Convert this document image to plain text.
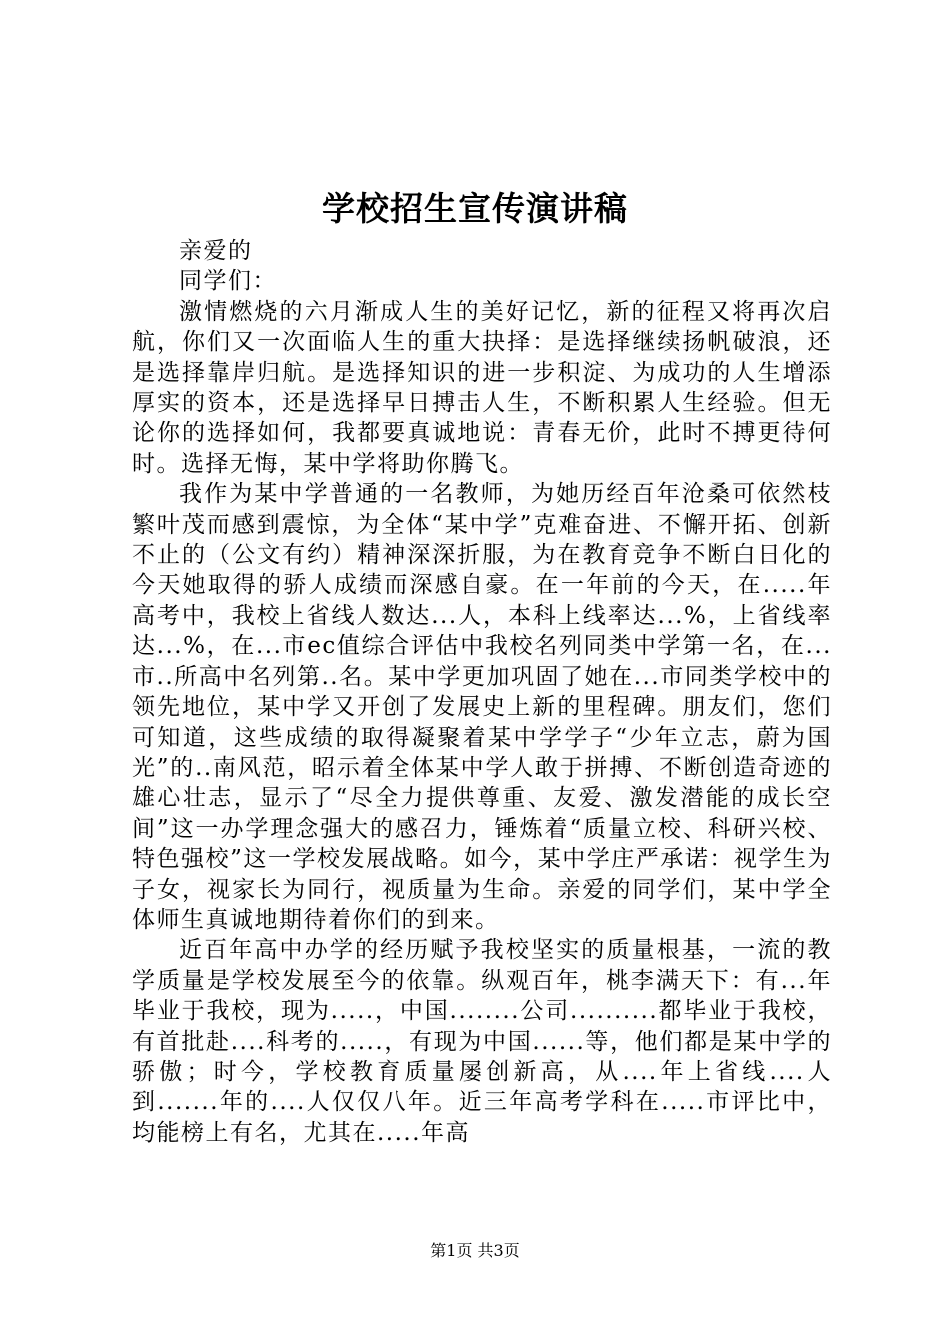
学校招生宣传演讲稿

亲爱的

同学们：

激情燃烧的六月渐成人生的美好记忆，新的征程又将再次启航，你们又一次面临人生的重大抉择：是选择继续扬帆破浪，还是选择靠岸归航。是选择知识的进一步积淀、为成功的人生增添厚实的资本，还是选择早日搏击人生，不断积累人生经验。但无论你的选择如何，我都要真诚地说：青春无价，此时不搏更待何时。选择无悔，某中学将助你腾飞。

我作为某中学普通的一名教师，为她历经百年沧桑可依然枝繁叶茂而感到震惊，为全体“某中学”克难奋进、不懈开拓、创新不止的（公文有约）精神深深折服，为在教育竞争不断白日化的今天她取得的骄人成绩而深感自豪。在一年前的今天，在.....年高考中，我校上省线人数达...人，本科上线率达...%，上省线率达...%，在...市ec值综合评估中我校名列同类中学第一名，在...市..所高中名列第..名。某中学更加巩固了她在...市同类学校中的领先地位，某中学又开创了发展史上新的里程碑。朋友们，您们可知道，这些成绩的取得凝聚着某中学学子“少年立志，蔚为国光”的..南风范，昭示着全体某中学人敢于拼搏、不断创造奇迹的雄心壮志，显示了“尽全力提供尊重、友爱、激发潜能的成长空间”这一办学理念强大的感召力，锤炼着“质量立校、科研兴校、特色强校”这一学校发展战略。如今，某中学庄严承诺：视学生为子女，视家长为同行，视质量为生命。亲爱的同学们，某中学全体师生真诚地期待着你们的到来。

近百年高中办学的经历赋予我校坚实的质量根基，一流的教学质量是学校发展至今的依靠。纵观百年，桃李满天下：有...年毕业于我校，现为.....，中国........公司..........都毕业于我校，有首批赴....科考的.....，有现为中国......等，他们都是某中学的骄傲；时今，学校教育质量屡创新高，从....年上省线....人到.......年的....人仅仅八年。近三年高考学科在.....市评比中，均能榜上有名，尤其在.....年高

第1页 共3页
